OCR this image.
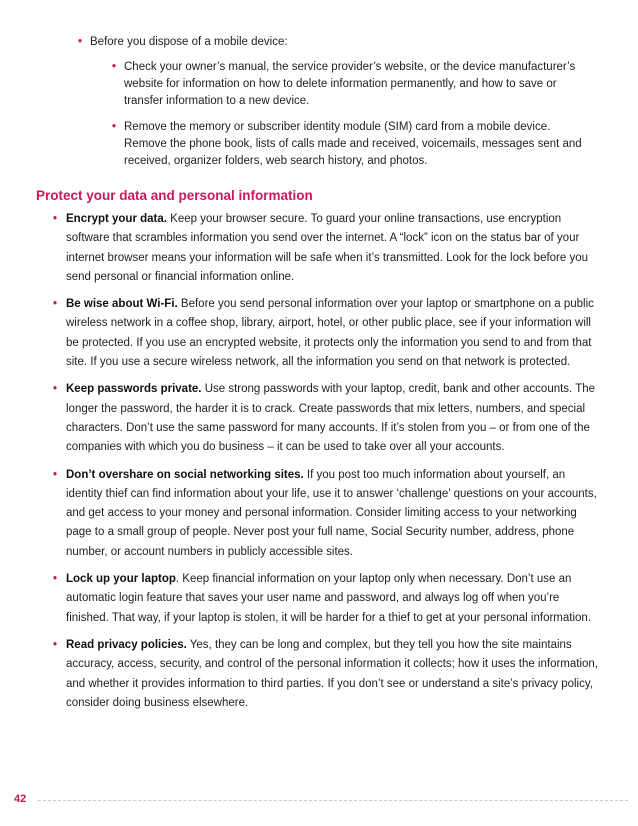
• Before you dispose of a mobile device:
• Check your owner’s manual, the service provider’s website, or the device manufacturer’s website for information on how to delete information permanently, and how to save or transfer information to a new device.
• Remove the memory or subscriber identity module (SIM) card from a mobile device. Remove the phone book, lists of calls made and received, voicemails, messages sent and received, organizer folders, web search history, and photos.
Protect your data and personal information
• Encrypt your data. Keep your browser secure. To guard your online transactions, use encryption software that scrambles information you send over the internet. A “lock” icon on the status bar of your internet browser means your information will be safe when it’s transmitted. Look for the lock before you send personal or financial information online.
• Be wise about Wi-Fi. Before you send personal information over your laptop or smartphone on a public wireless network in a coffee shop, library, airport, hotel, or other public place, see if your information will be protected. If you use an encrypted website, it protects only the information you send to and from that site. If you use a secure wireless network, all the information you send on that network is protected.
• Keep passwords private. Use strong passwords with your laptop, credit, bank and other accounts. The longer the password, the harder it is to crack. Create passwords that mix letters, numbers, and special characters. Don’t use the same password for many accounts. If it’s stolen from you – or from one of the companies with which you do business – it can be used to take over all your accounts.
• Don’t overshare on social networking sites. If you post too much information about yourself, an identity thief can find information about your life, use it to answer ‘challenge’ questions on your accounts, and get access to your money and personal information. Consider limiting access to your networking page to a small group of people. Never post your full name, Social Security number, address, phone number, or account numbers in publicly accessible sites.
• Lock up your laptop. Keep financial information on your laptop only when necessary. Don’t use an automatic login feature that saves your user name and password, and always log off when you’re finished. That way, if your laptop is stolen, it will be harder for a thief to get at your personal information.
• Read privacy policies. Yes, they can be long and complex, but they tell you how the site maintains accuracy, access, security, and control of the personal information it collects; how it uses the information, and whether it provides information to third parties. If you don’t see or understand a site’s privacy policy, consider doing business elsewhere.
42
